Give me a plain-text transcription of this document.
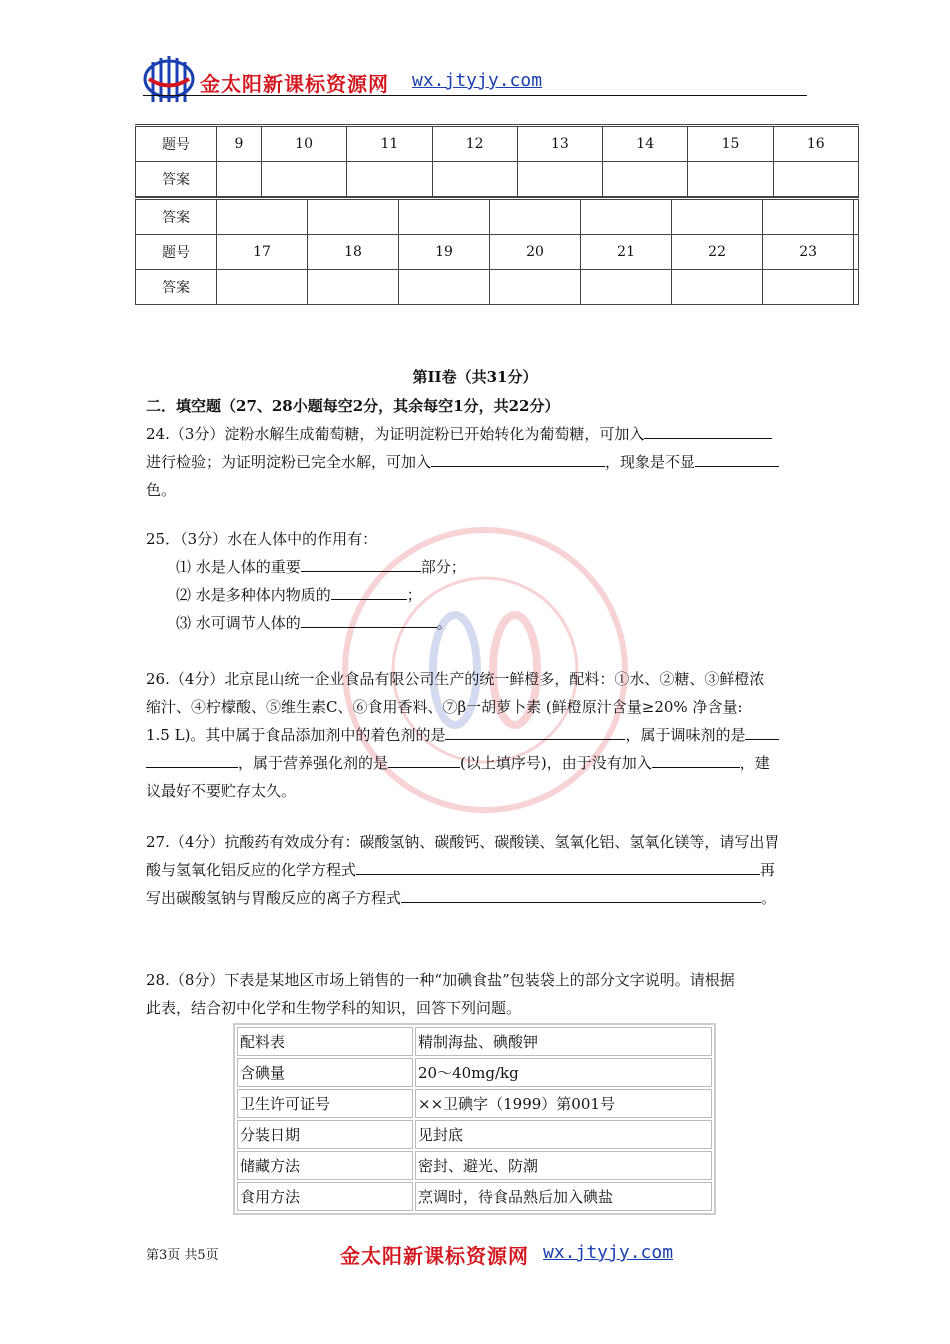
金太阳新课标资源网 wx.jtyjy.com
题号	9	10	11	12	13	14	15	16
答案								
答案								
题号	17	18	19	20	21	22	23	
答案								
第II卷（共31分）
二．填空题（27、28小题每空2分，其余每空1分，共22分）
24.（3分）淀粉水解生成葡萄糖，为证明淀粉已开始转化为葡萄糖，可加入
进行检验；为证明淀粉已完全水解，可加入	，现象是不显
色。
25．（3分）水在人体中的作用有：
⑴ 水是人体的重要	部分；
⑵ 水是多种体内物质的	；
⑶ 水可调节人体的	。
26.（4分）北京昆山统一企业食品有限公司生产的统一鲜橙多，配料：①水、②糖、③鲜橙浓
缩汁、④柠檬酸、⑤维生素C、⑥食用香料、⑦β一胡萝卜素 (鲜橙原汁含量≥20% 净含量:
1.5 L)。其中属于食品添加剂中的着色剂的是	，属于调味剂的是
，属于营养强化剂的是	(以上填序号)，由于没有加入	，建
议最好不要贮存太久。
27.（4分）抗酸药有效成分有：碳酸氢钠、碳酸钙、碳酸镁、氢氧化铝、氢氧化镁等，请写出胃
酸与氢氧化铝反应的化学方程式	再
写出碳酸氢钠与胃酸反应的离子方程式	。
28.（8分）下表是某地区市场上销售的一种“加碘食盐”包装袋上的部分文字说明。请根据
此表，结合初中化学和生物学科的知识，回答下列问题。
配料表	精制海盐、碘酸钾
含碘量	20～40mg/kg
卫生许可证号	××卫碘字（1999）第001号
分装日期	见封底
储藏方法	密封、避光、防潮
食用方法	烹调时，待食品熟后加入碘盐
第3页 共5页	金太阳新课标资源网 wx.jtyjy.com
